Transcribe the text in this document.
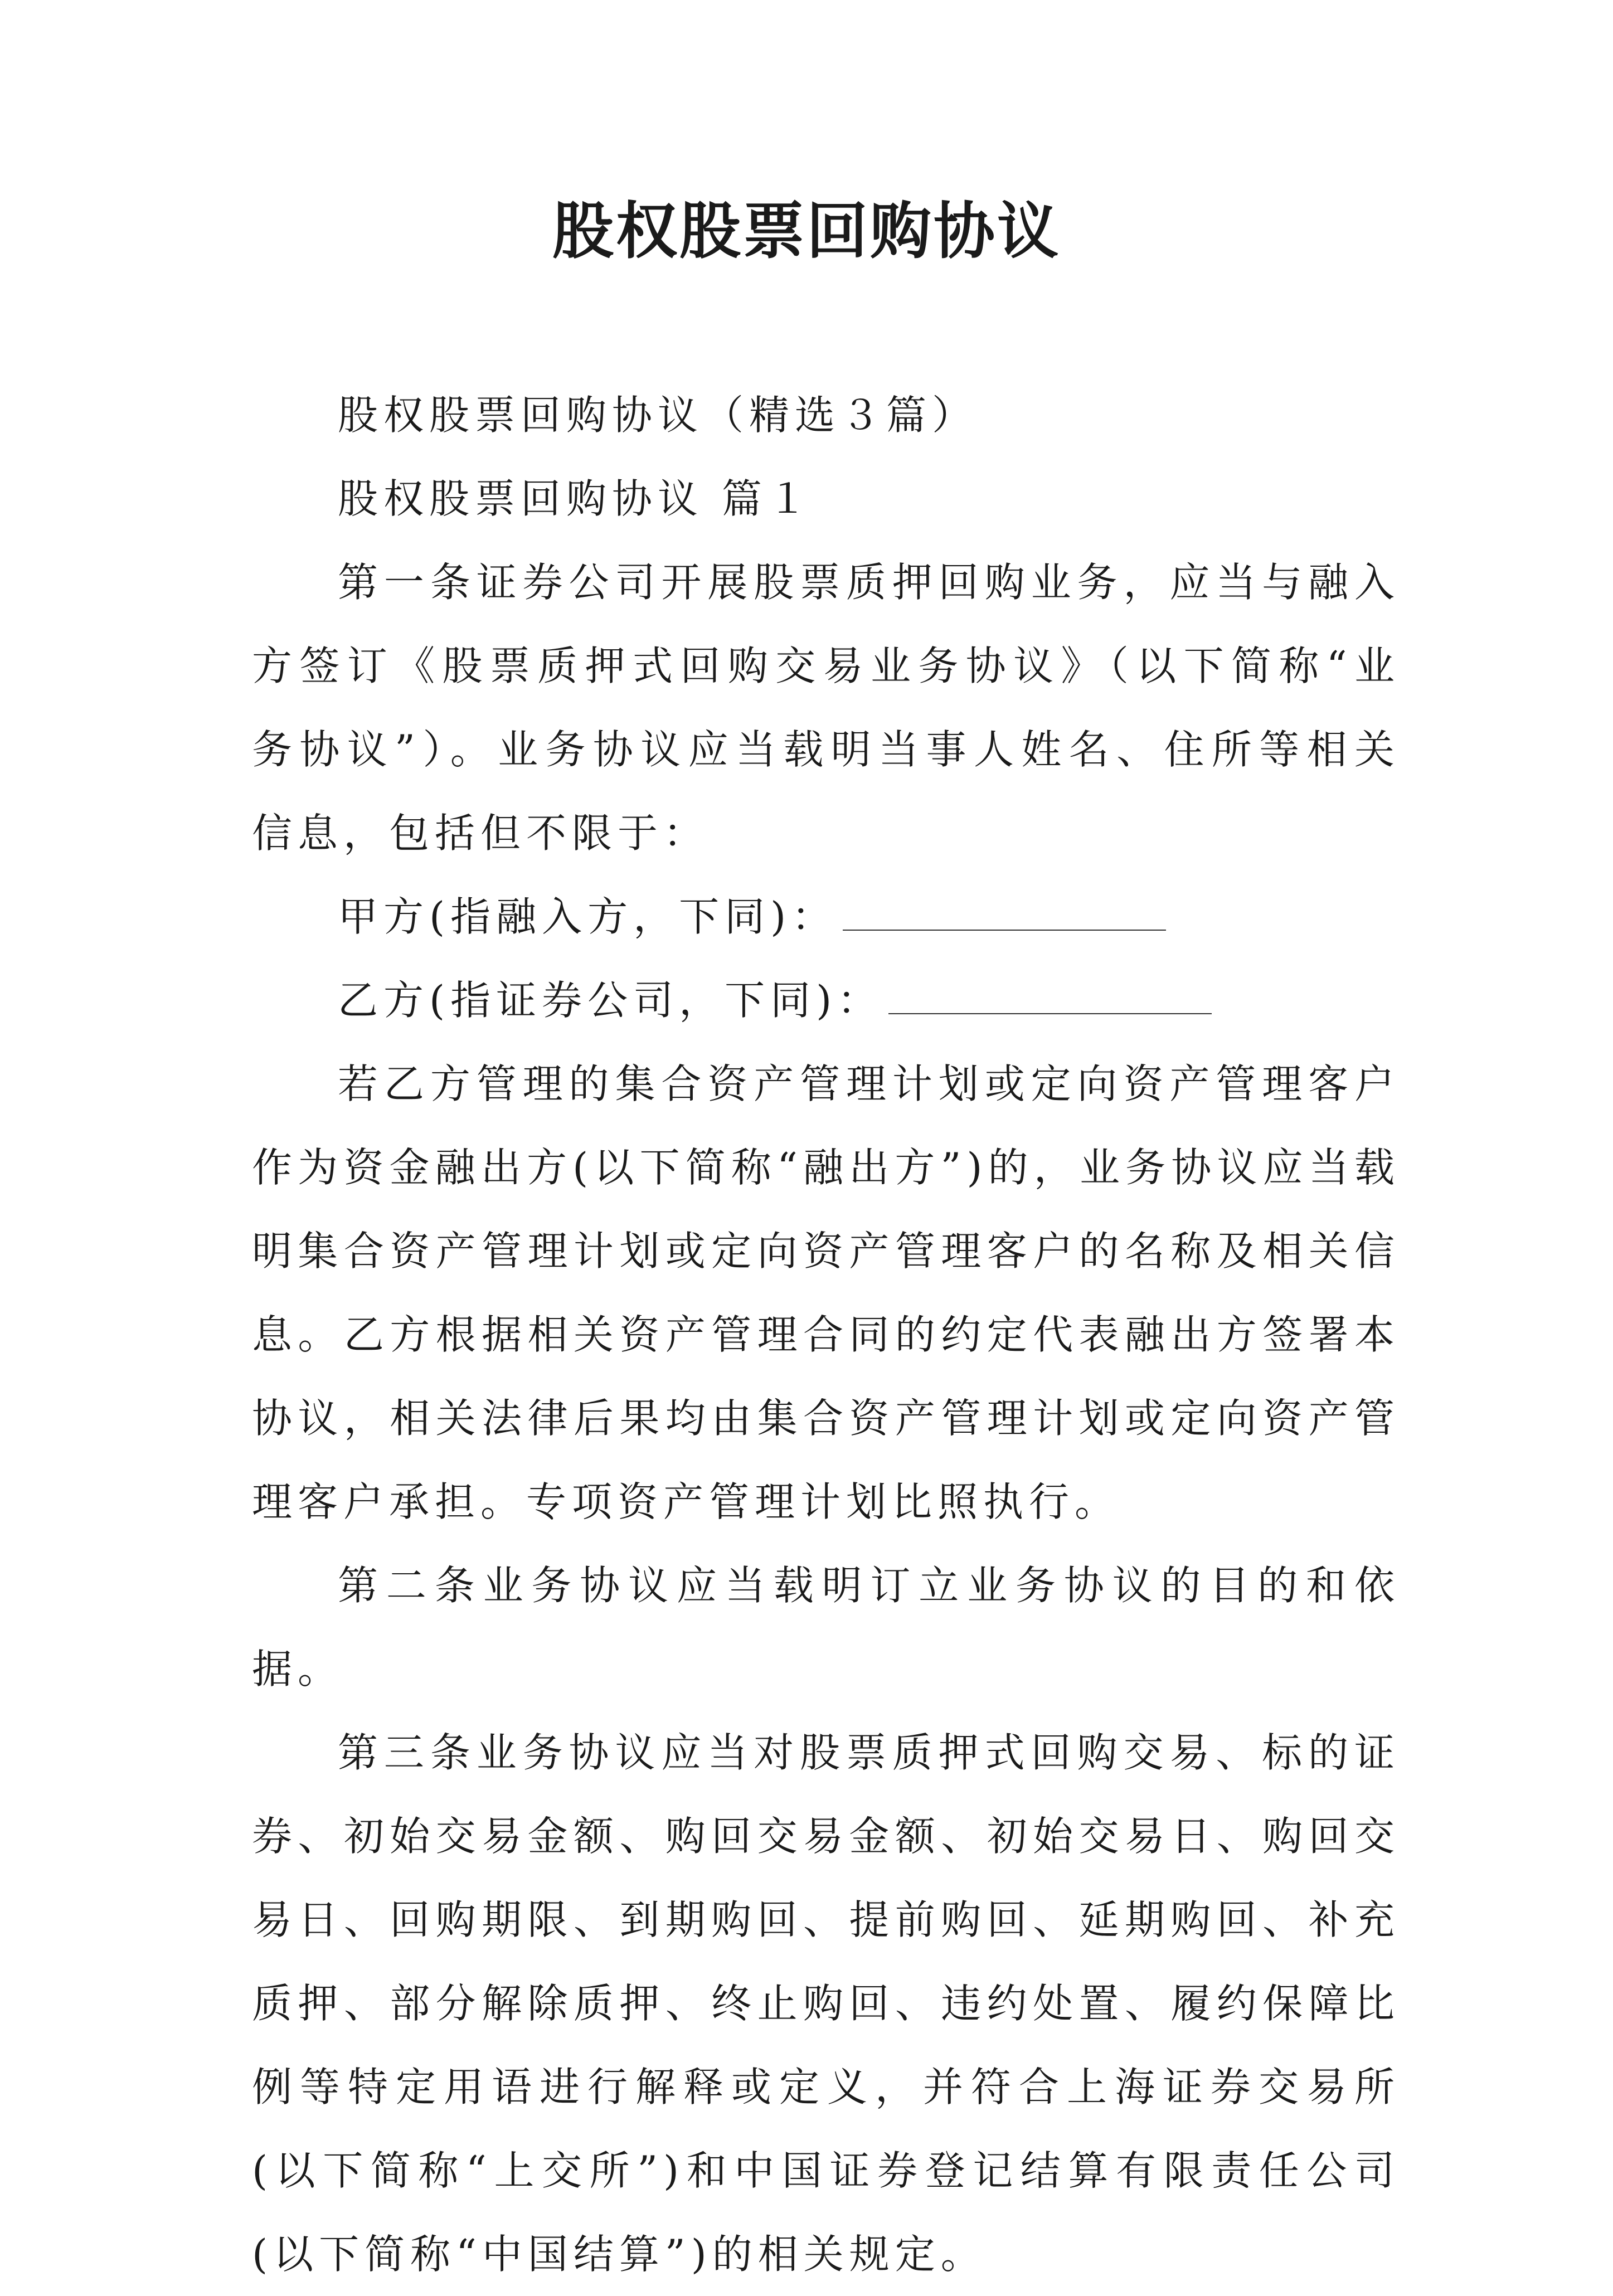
股权股票回购协议

股权股票回购协议（精选３篇）

股权股票回购协议 篇１

第一条证券公司开展股票质押回购业务，应当与融入方签订《股票质押式回购交易业务协议》（以下简称“业务协议”）。业务协议应当载明当事人姓名、住所等相关信息，包括但不限于：

甲方(指融入方，下同)：

乙方(指证券公司，下同)：

若乙方管理的集合资产管理计划或定向资产管理客户作为资金融出方(以下简称“融出方”)的，业务协议应当载明集合资产管理计划或定向资产管理客户的名称及相关信息。乙方根据相关资产管理合同的约定代表融出方签署本协议，相关法律后果均由集合资产管理计划或定向资产管理客户承担。专项资产管理计划比照执行。

第二条业务协议应当载明订立业务协议的目的和依据。

第三条业务协议应当对股票质押式回购交易、标的证券、初始交易金额、购回交易金额、初始交易日、购回交易日、回购期限、到期购回、提前购回、延期购回、补充质押、部分解除质押、终止购回、违约处置、履约保障比例等特定用语进行解释或定义，并符合上海证券交易所(以下简称“上交所”)和中国证券登记结算有限责任公司(以下简称“中国结算”)的相关规定。
